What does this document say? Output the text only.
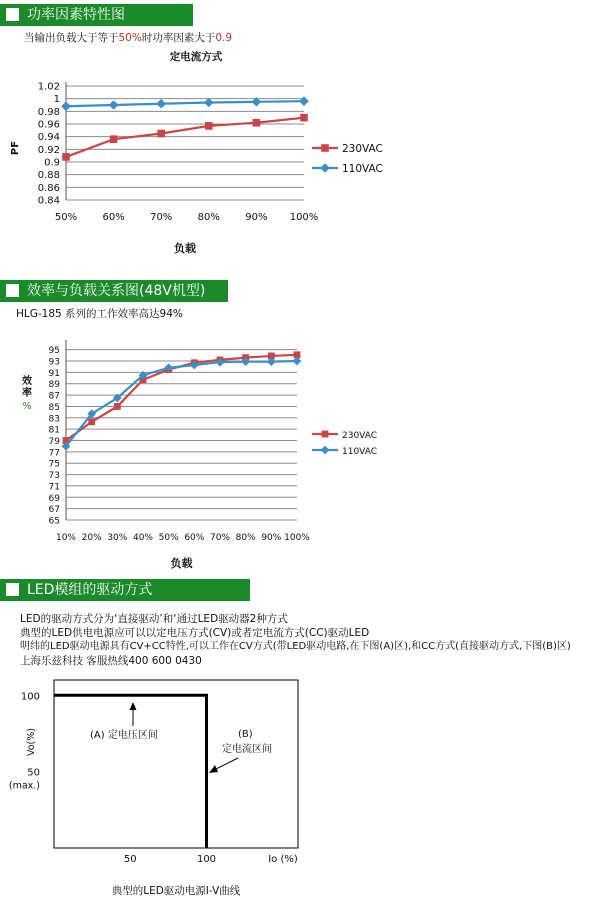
功率因素特性图
当输出负载大于等于50%时功率因素大于0.9
定电流方式
PF
0.84
0.86
0.88
0.9
0.92
0.94
0.96
0.98
1
1.02
50%	60%	70%	80%	90% 100%
230VAC
110VAC
负载
效率与负载关系图(48V机型)
HLG-185 系列的工作效率高达94%
效
率
%
65
67
69
71
73
75
77
79
81
83
85
87
89
91
93
95
10% 20% 30% 40% 50% 60% 70% 80% 90% 100%
230VAC
110VAC
负载
LED模组的驱动方式
LED的驱动方式分为‘直接驱动’和‘通过LED驱动器2种方式
典型的LED供电电源应可以以定电压方式(CV)或者定电流方式(CC)驱动LED
明纬的LED驱动电源具有CV+CC特性,可以工作在CV方式(带LED驱动电路,在下图(A)区),和CC方式(直接驱动方式,下图(B)区)
上海乐兹科技 客服热线400 600 0430
100
50
(max.)
Vo(%)
50	100	Io (%)
(A) 定电压区间	(B)
定电流区间
典型的LED驱动电源I-V曲线
